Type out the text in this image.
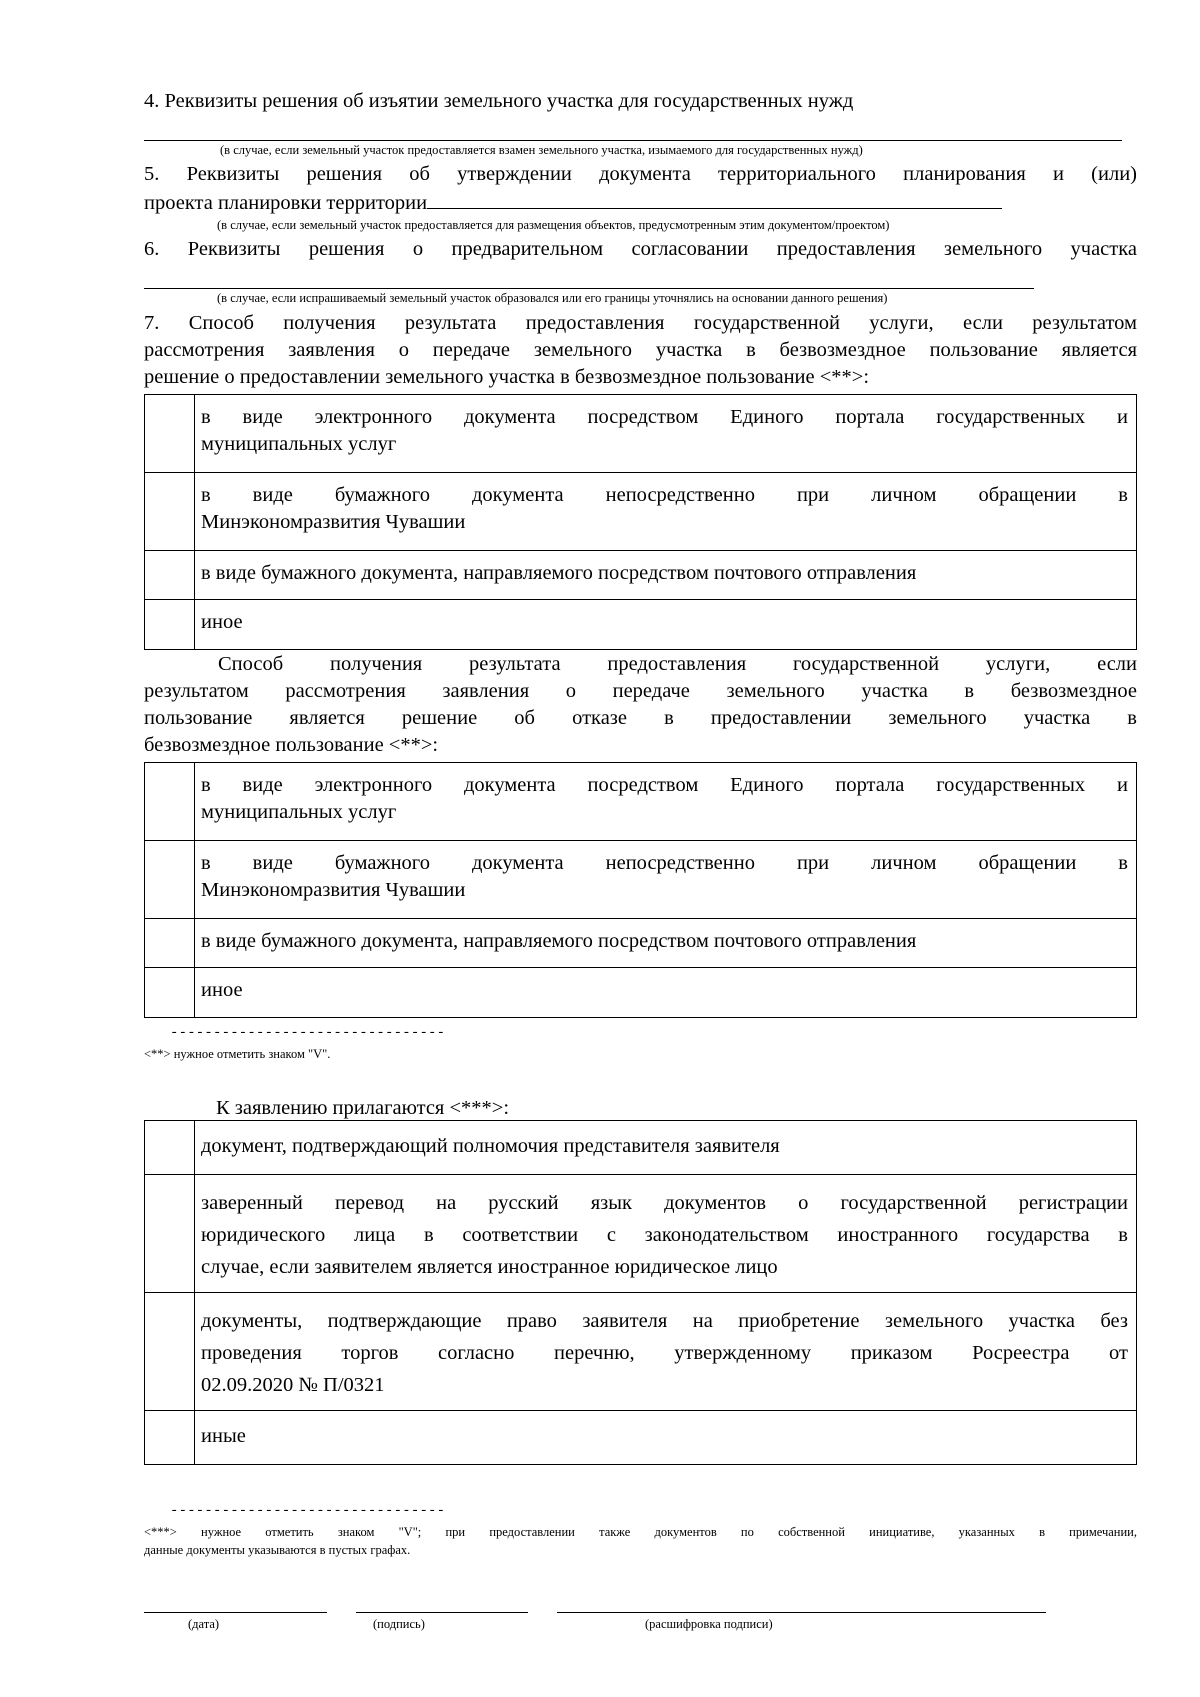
4. Реквизиты решения об изъятии земельного участка для государственных нужд
(в случае, если земельный участок предоставляется взамен земельного участка, изымаемого для государственных нужд)
5. Реквизиты решения об утверждении документа территориального планирования и (или)
проекта планировки территории
(в случае, если земельный участок предоставляется для размещения объектов, предусмотренным этим документом/проектом)
6. Реквизиты решения о предварительном согласовании предоставления земельного участка
(в случае, если испрашиваемый земельный участок образовался или его границы уточнялись на основании данного решения)
7. Способ получения результата предоставления государственной услуги, если результатом
рассмотрения заявления о передаче земельного участка в безвозмездное пользование является
решение о предоставлении земельного участка в безвозмездное пользование <**>:

	в виде электронного документа посредством Единого портала государственных и
муниципальных услуг

	в виде бумажного документа непосредственно при личном обращении в
Минэкономразвития Чувашии
	в виде бумажного документа, направляемого посредством почтового отправления
	иное
Способ получения результата предоставления государственной услуги, если
результатом рассмотрения заявления о передаче земельного участка в безвозмездное
пользование является решение об отказе в предоставлении земельного участка в
безвозмездное пользование <**>:

	в виде электронного документа посредством Единого портала государственных и
муниципальных услуг

	в виде бумажного документа непосредственно при личном обращении в
Минэкономразвития Чувашии
	в виде бумажного документа, направляемого посредством почтового отправления
	иное
--------------------------------
<**> нужное отметить знаком "V".
К заявлению прилагаются <***>:
	документ, подтверждающий полномочия представителя заявителя

	заверенный перевод на русский язык документов о государственной регистрации
юридического лица в соответствии с законодательством иностранного государства в
случае, если заявителем является иностранное юридическое лицо

	документы, подтверждающие право заявителя на приобретение земельного участка без
проведения торгов согласно перечню, утвержденному приказом Росреестра от
02.09.2020 № П/0321
	иные
--------------------------------
<***> нужное отметить знаком "V"; при предоставлении также документов по собственной инициативе, указанных в примечании,
данные документы указываются в пустых графах.
(дата)	(подпись)	(расшифровка подписи)
